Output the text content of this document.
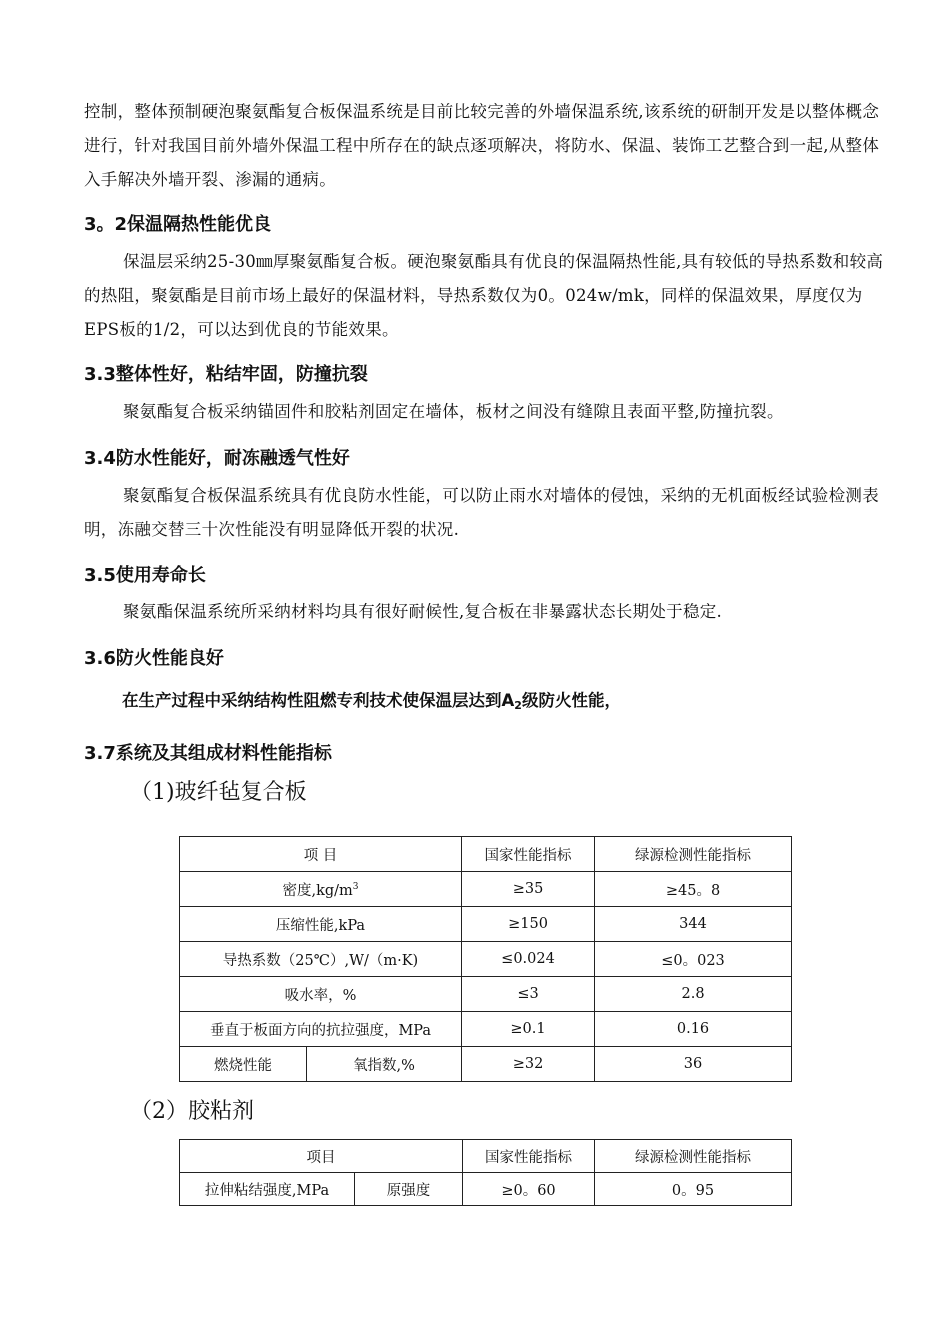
控制，整体预制硬泡聚氨酯复合板保温系统是目前比较完善的外墙保温系统,该系统的研制开发是以整体概念进行，针对我国目前外墙外保温工程中所存在的缺点逐项解决，将防水、保温、装饰工艺整合到一起,从整体入手解决外墙开裂、渗漏的通病。

3。2保温隔热性能优良

保温层采纳25-30㎜厚聚氨酯复合板。硬泡聚氨酯具有优良的保温隔热性能,具有较低的导热系数和较高的热阻，聚氨酯是目前市场上最好的保温材料，导热系数仅为0。024w/mk，同样的保温效果，厚度仅为EPS板的1/2，可以达到优良的节能效果。

3.3整体性好，粘结牢固，防撞抗裂

聚氨酯复合板采纳锚固件和胶粘剂固定在墙体，板材之间没有缝隙且表面平整,防撞抗裂。

3.4防水性能好，耐冻融透气性好

聚氨酯复合板保温系统具有优良防水性能，可以防止雨水对墙体的侵蚀，采纳的无机面板经试验检测表明，冻融交替三十次性能没有明显降低开裂的状况.

3.5使用寿命长

聚氨酯保温系统所采纳材料均具有很好耐候性,复合板在非暴露状态长期处于稳定.

3.6防火性能良好

在生产过程中采纳结构性阻燃专利技术使保温层达到$A_2$级防火性能，

3.7系统及其组成材料性能指标
（1)玻纤毡复合板
项 目		国家性能指标	绿源检测性能指标
密度$,kg/m^3$		≥35	≥45。8
压缩性能,kPa		≥150	344
导热系数（25℃）,W/（m·K)		≤0.024	≤0。023
吸水率，%		≤3	2.8
垂直于板面方向的抗拉强度，MPa		≥0.1	0.16
燃烧性能	氧指数,%	≥32	36
（2）胶粘剂
项目		国家性能指标	绿源检测性能指标
拉伸粘结强度,MPa	原强度	≥0。60	0。95
